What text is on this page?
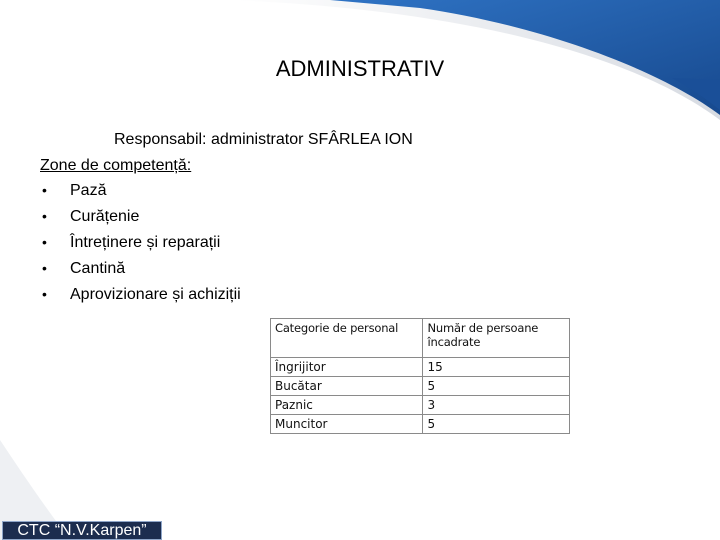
ADMINISTRATIV
Responsabil: administrator SFÂRLEA ION
Zone de competență:
• Pază
• Curățenie
• Întreținere și reparații
• Cantină
• Aprovizionare și achiziții
Categorie de personal	Număr de persoane încadrate
Îngrijitor	15
Bucătar	5
Paznic	3
Muncitor	5
CTC “N.V.Karpen”
